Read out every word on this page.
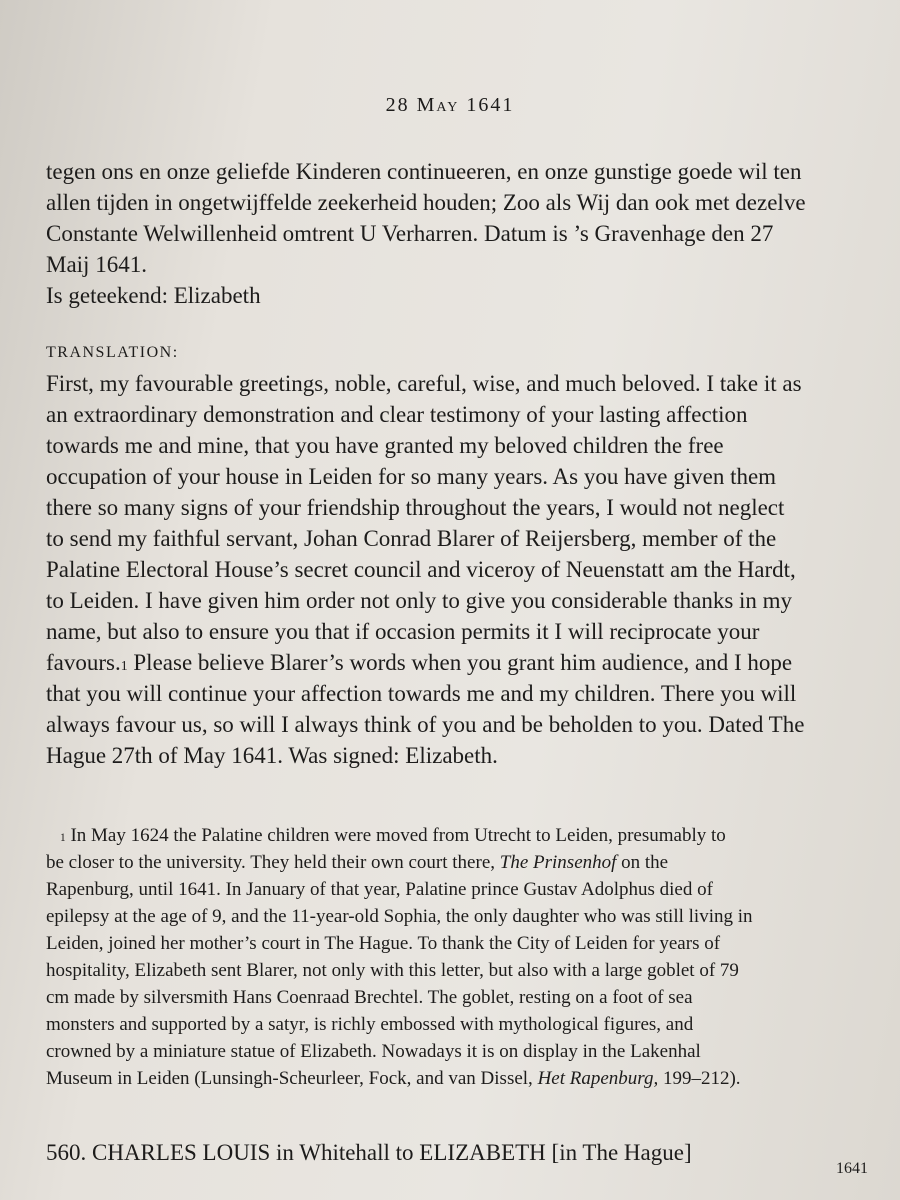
28 May 1641
tegen ons en onze geliefde Kinderen continueeren, en onze gunstige goede wil ten
allen tijden in ongetwijffelde zeekerheid houden; Zoo als Wij dan ook met dezelve
Constante Welwillenheid omtrent U Verharren. Datum is ’s Gravenhage den 27
Maij 1641.
Is geteekend: Elizabeth
TRANSLATION:
First, my favourable greetings, noble, careful, wise, and much beloved. I take it as
an extraordinary demonstration and clear testimony of your lasting affection
towards me and mine, that you have granted my beloved children the free
occupation of your house in Leiden for so many years. As you have given them
there so many signs of your friendship throughout the years, I would not neglect
to send my faithful servant, Johan Conrad Blarer of Reijersberg, member of the
Palatine Electoral House’s secret council and viceroy of Neuenstatt am the Hardt,
to Leiden. I have given him order not only to give you considerable thanks in my
name, but also to ensure you that if occasion permits it I will reciprocate your
favours.$^1$ Please believe Blarer’s words when you grant him audience, and I hope
that you will continue your affection towards me and my children. There you will
always favour us, so will I always think of you and be beholden to you. Dated The
Hague 27th of May 1641. Was signed: Elizabeth.
$^1$ In May 1624 the Palatine children were moved from Utrecht to Leiden, presumably to
be closer to the university. They held their own court there, The Prinsenhof on the
Rapenburg, until 1641. In January of that year, Palatine prince Gustav Adolphus died of
epilepsy at the age of 9, and the 11-year-old Sophia, the only daughter who was still living in
Leiden, joined her mother’s court in The Hague. To thank the City of Leiden for years of
hospitality, Elizabeth sent Blarer, not only with this letter, but also with a large goblet of 79
cm made by silversmith Hans Coenraad Brechtel. The goblet, resting on a foot of sea
monsters and supported by a satyr, is richly embossed with mythological figures, and
crowned by a miniature statue of Elizabeth. Nowadays it is on display in the Lakenhal
Museum in Leiden (Lunsingh-Scheurleer, Fock, and van Dissel, Het Rapenburg, 199–212).
560. CHARLES LOUIS in Whitehall to ELIZABETH [in The Hague]
1641
